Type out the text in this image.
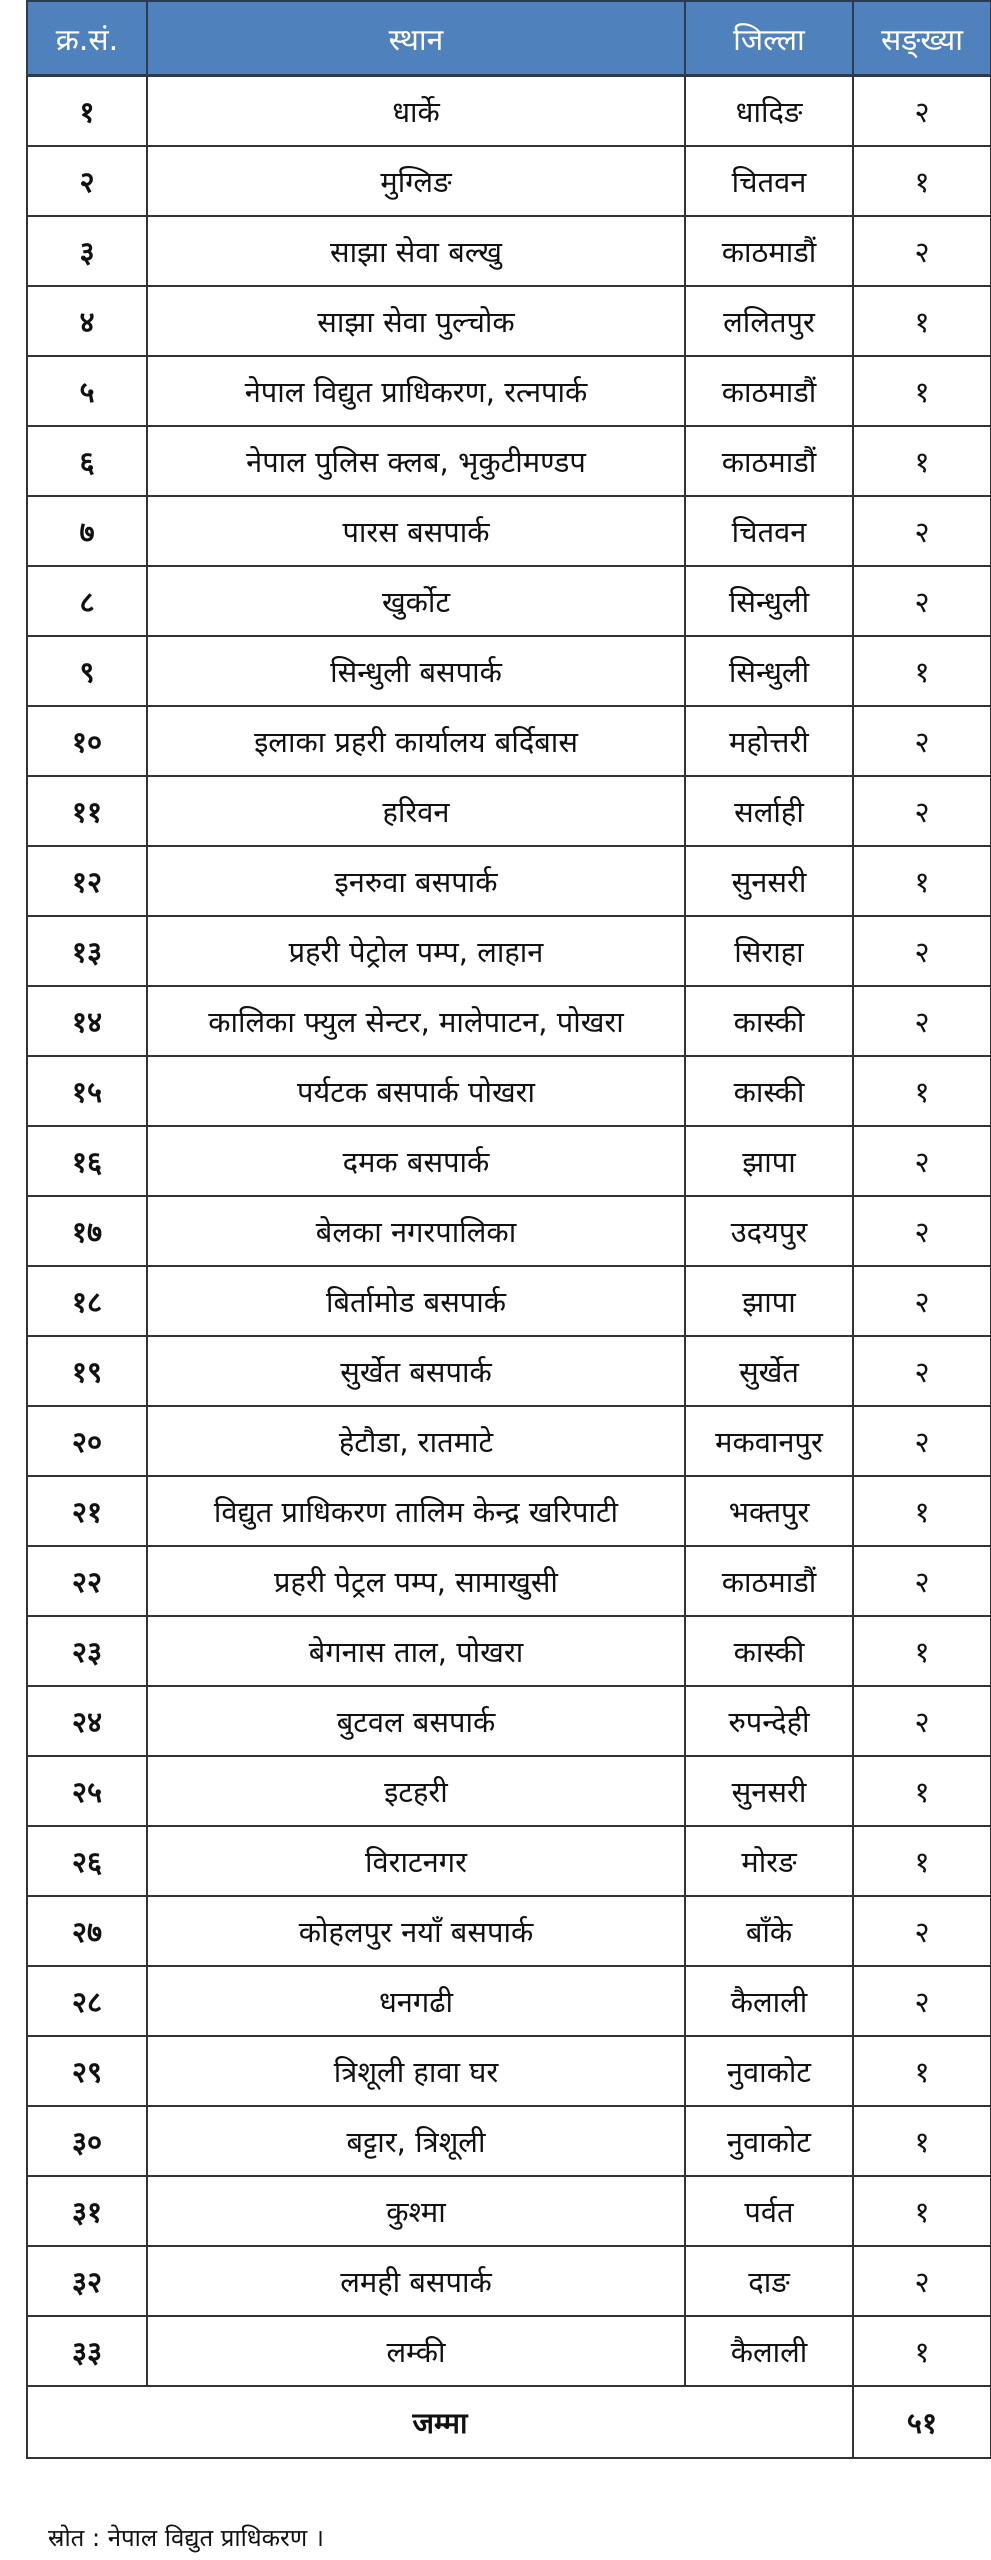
क्र.सं.	स्थान	जिल्ला	सङ्ख्या
१	धार्के	धादिङ	२
२	मुग्लिङ	चितवन	१
३	साझा सेवा बल्खु	काठमाडौं	२
४	साझा सेवा पुल्चोक	ललितपुर	१
५	नेपाल विद्युत प्राधिकरण, रत्नपार्क	काठमाडौं	१
६	नेपाल पुलिस क्लब, भृकुटीमण्डप	काठमाडौं	१
७	पारस बसपार्क	चितवन	२
८	खुर्कोट	सिन्धुली	२
९	सिन्धुली बसपार्क	सिन्धुली	१
१०	इलाका प्रहरी कार्यालय बर्दिबास	महोत्तरी	२
११	हरिवन	सर्लाही	२
१२	इनरुवा बसपार्क	सुनसरी	१
१३	प्रहरी पेट्रोल पम्प, लाहान	सिराहा	२
१४	कालिका फ्युल सेन्टर, मालेपाटन, पोखरा	कास्की	२
१५	पर्यटक बसपार्क पोखरा	कास्की	१
१६	दमक बसपार्क	झापा	२
१७	बेलका नगरपालिका	उदयपुर	२
१८	बिर्तामोड बसपार्क	झापा	२
१९	सुर्खेत बसपार्क	सुर्खेत	२
२०	हेटौडा, रातमाटे	मकवानपुर	२
२१	विद्युत प्राधिकरण तालिम केन्द्र खरिपाटी	भक्तपुर	१
२२	प्रहरी पेट्रल पम्प, सामाखुसी	काठमाडौं	२
२३	बेगनास ताल, पोखरा	कास्की	१
२४	बुटवल बसपार्क	रुपन्देही	२
२५	इटहरी	सुनसरी	१
२६	विराटनगर	मोरङ	१
२७	कोहलपुर नयाँ बसपार्क	बाँके	२
२८	धनगढी	कैलाली	२
२९	त्रिशूली हावा घर	नुवाकोट	१
३०	बट्टार, त्रिशूली	नुवाकोट	१
३१	कुश्मा	पर्वत	१
३२	लमही बसपार्क	दाङ	२
३३	लम्की	कैलाली	१
जम्मा			५१
स्रोत : नेपाल विद्युत प्राधिकरण ।
